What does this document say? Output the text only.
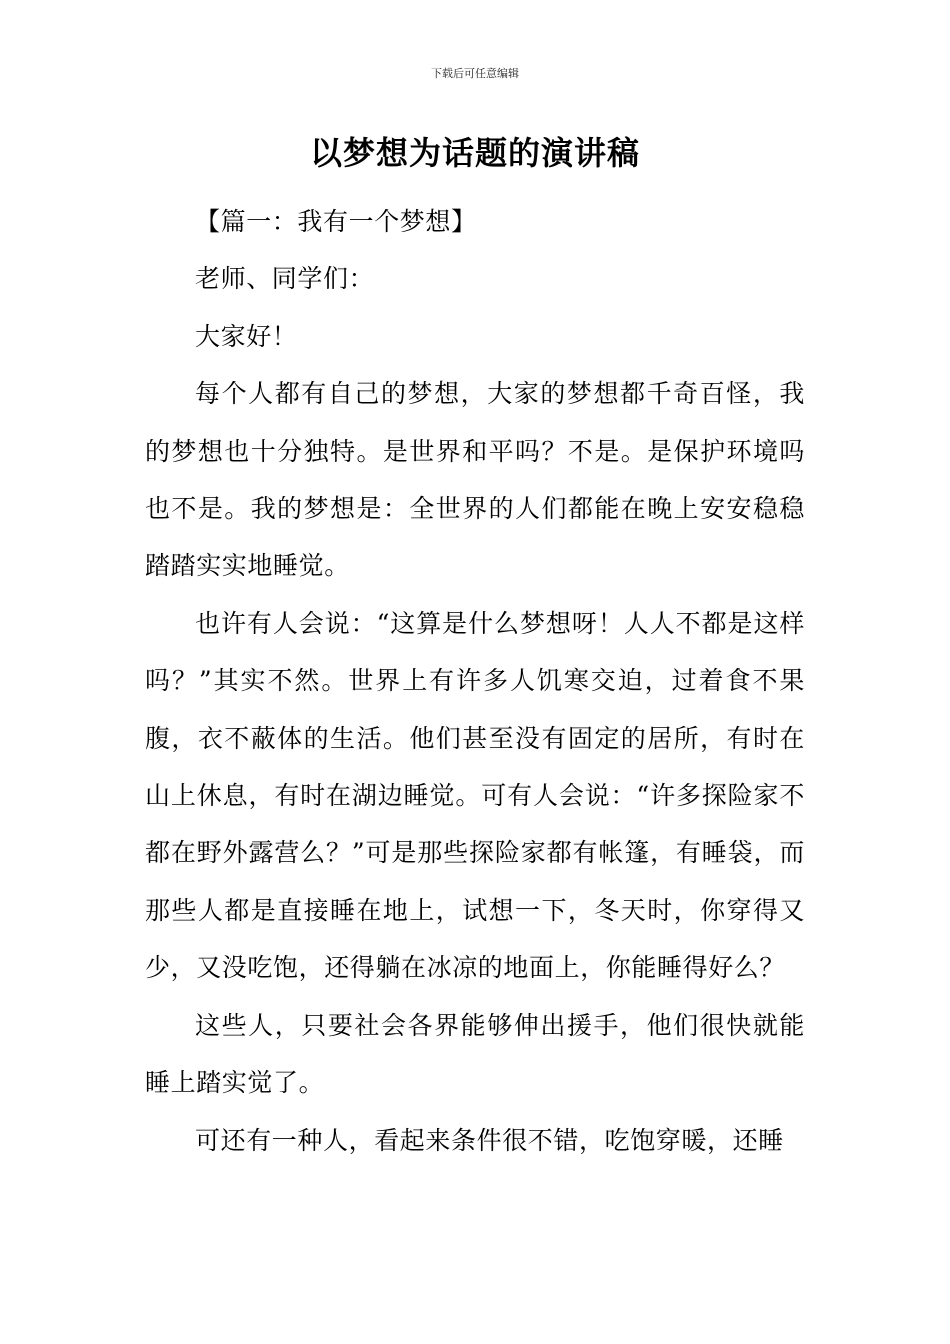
下载后可任意编辑
以梦想为话题的演讲稿

【篇一：我有一个梦想】

老师、同学们：

大家好！

每个人都有自己的梦想，大家的梦想都千奇百怪，我的梦想也十分独特。是世界和平吗？不是。是保护环境吗也不是。我的梦想是：全世界的人们都能在晚上安安稳稳踏踏实实地睡觉。

也许有人会说：“这算是什么梦想呀！人人不都是这样吗？”其实不然。世界上有许多人饥寒交迫，过着食不果腹，衣不蔽体的生活。他们甚至没有固定的居所，有时在山上休息，有时在湖边睡觉。可有人会说：“许多探险家不都在野外露营么？”可是那些探险家都有帐篷，有睡袋，而那些人都是直接睡在地上，试想一下，冬天时，你穿得又少，又没吃饱，还得躺在冰凉的地面上，你能睡得好么？

这些人，只要社会各界能够伸出援手，他们很快就能睡上踏实觉了。

可还有一种人，看起来条件很不错，吃饱穿暖，还睡
